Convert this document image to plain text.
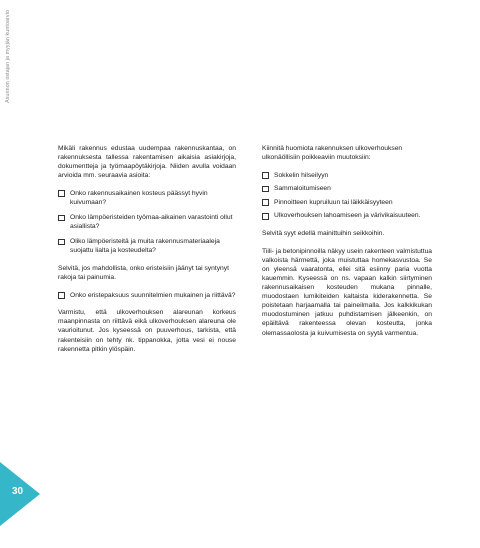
Asunnon ostajan ja myyjän kuntoarvio

Mikäli rakennus edustaa uudempaa rakennuskantaa, on rakennuksesta tallessa rakentamisen aikaisia asiakirjoja, dokumentteja ja työmaapöytäkirjoja. Niiden avulla voidaan arvioida mm. seuraavia asioita:

Onko rakennusaikainen kosteus päässyt hyvin kuivumaan?
Onko lämpöeristeiden työmaa-aikainen varastointi ollut asiallista?
Oliko lämpöeristeitä ja muita rakennusmateriaaleja suojattu lialta ja kosteudelta?

Selvitä, jos mahdollista, onko eristeisiin jäänyt tai syntynyt rakoja tai painumia.

Onko eristepaksuus suunnitelmien mukainen ja riittävä?

Varmistu, että ulkoverhouksen alareunan korkeus maanpinnasta on riittävä eikä ulkoverhouksen alareuna ole vaurioitunut. Jos kyseessä on puuverhous, tarkista, että rakenteisiin on tehty nk. tippanokka, jotta vesi ei nouse rakennetta pitkin ylöspäin.

Kiinnitä huomiota rakennuksen ulkoverhouksen ulkonäöllisiin poikkeaviin muutoksiin:

Sokkelin hilseilyyn
Sammaloitumiseen
Pinnoitteen kupruiluun tai läikkäisyyteen
Ulkoverhouksen lahoamiseen ja värivikaisuuteen.

Selvitä syyt edellä mainittuihin seikkoihin.

Tiili- ja betonipinnoilla näkyy usein rakenteen valmistuttua valkoista härmettä, joka muistuttaa homekasvustoa. Se on yleensä vaaratonta, ellei sitä esiinny paria vuotta kauemmin. Kyseessä on ns. vapaan kalkin siirtyminen rakennusaikaisen kosteuden mukana pinnalle, muodostaen lumikiteiden kaltaista kiderakennetta. Se poistetaan harjaamalla tai paineilmalla. Jos kalkkikukan muodostuminen jatkuu puhdistamisen jälkeenkin, on epäiltävä rakenteessa olevan kosteutta, jonka olemassaolosta ja kuivumisesta on syytä varmentua.

30
